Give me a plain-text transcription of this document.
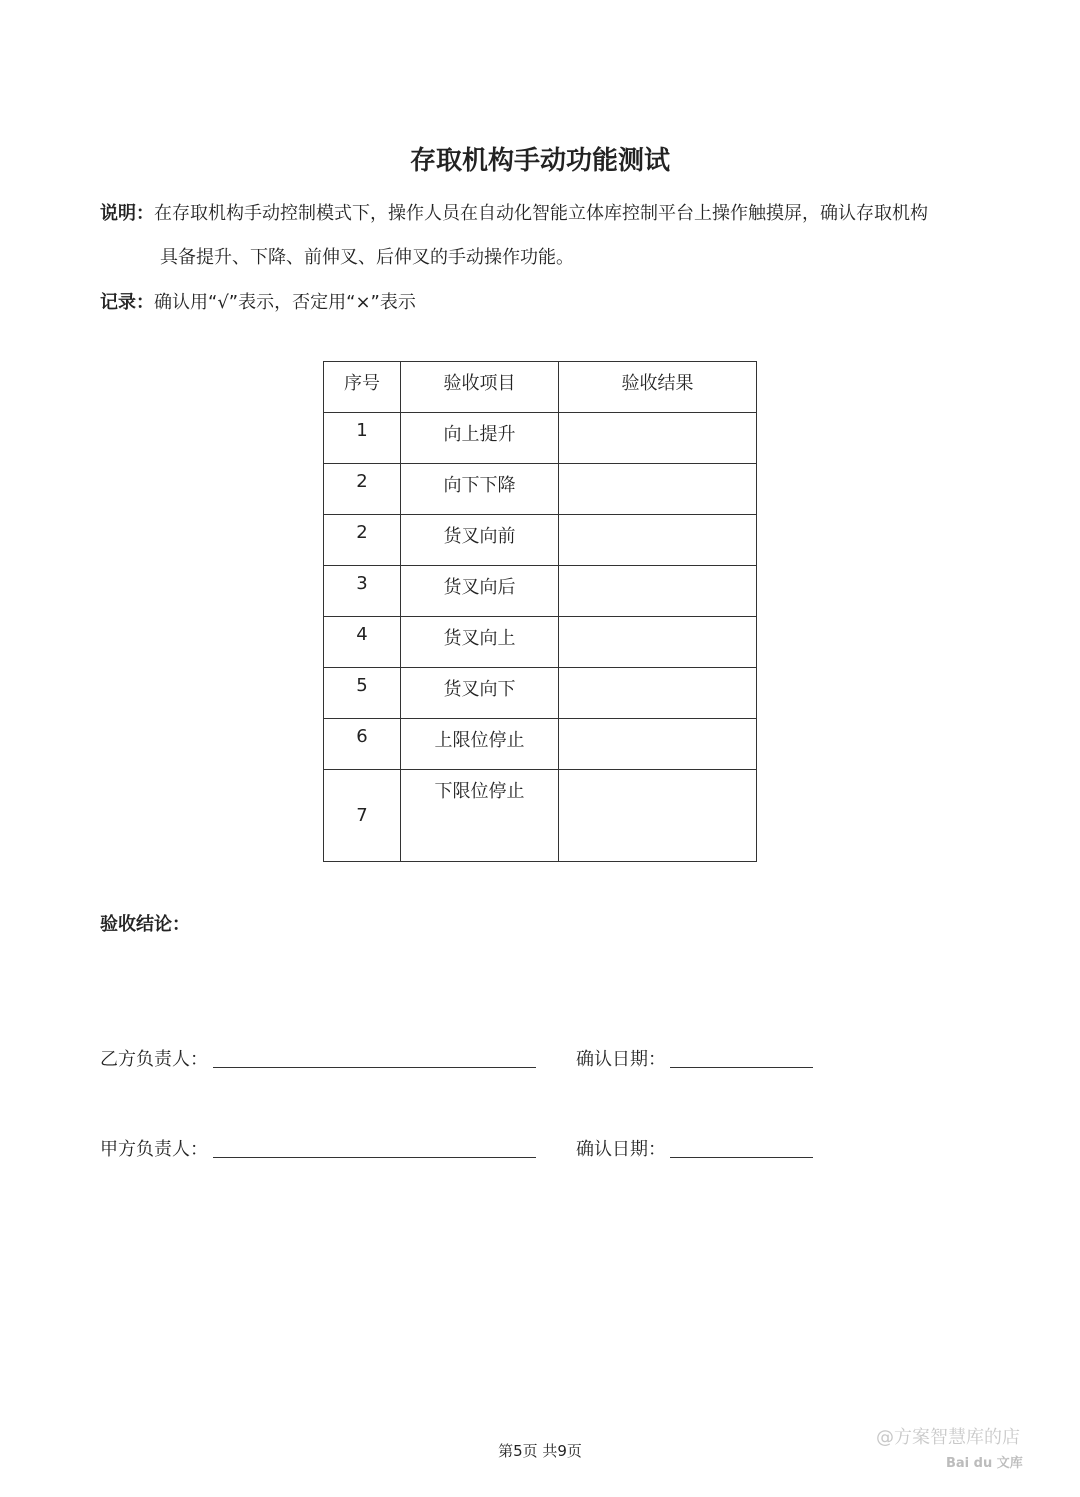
存取机构手动功能测试
说明：在存取机构手动控制模式下，操作人员在自动化智能立体库控制平台上操作触摸屏，确认存取机构
具备提升、下降、前伸叉、后伸叉的手动操作功能。
记录：确认用“√”表示，否定用“×”表示
序号	验收项目	验收结果
1	向上提升	
2	向下下降	
2	货叉向前	
3	货叉向后	
4	货叉向上	
5	货叉向下	
6	上限位停止	
7	下限位停止	
验收结论：
乙方负责人：	确认日期：
甲方负责人：	确认日期：
第5页 共9页
@方案智慧库的店
Bai du 文库
